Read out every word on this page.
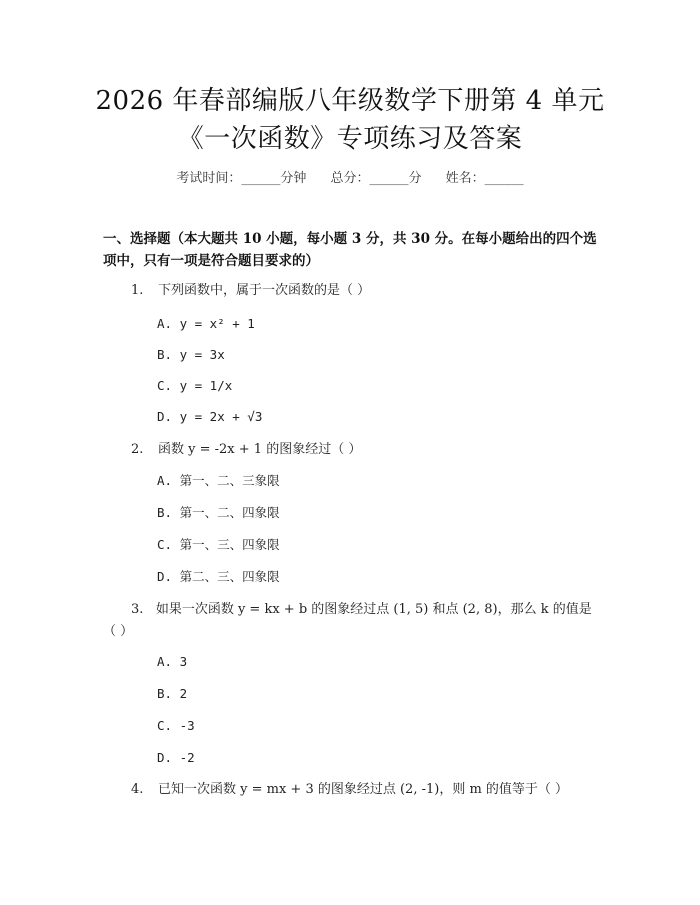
2026 年春部编版八年级数学下册第 4 单元
《一次函数》专项练习及答案
考试时间：______分钟 总分：______分 姓名：______
一、选择题（本大题共 10 小题，每小题 3 分，共 30 分。在每小题给出的四个选项中，只有一项是符合题目要求的）
1. 下列函数中，属于一次函数的是（ ）
A. y = x² + 1
B. y = 3x
C. y = 1/x
D. y = 2x + √3
2. 函数 y = -2x + 1 的图象经过（ ）
A. 第一、二、三象限
B. 第一、二、四象限
C. 第一、三、四象限
D. 第二、三、四象限
3. 如果一次函数 y = kx + b 的图象经过点 (1, 5) 和点 (2, 8)，那么 k 的值是（ ）
A. 3
B. 2
C. -3
D. -2
4. 已知一次函数 y = mx + 3 的图象经过点 (2, -1)，则 m 的值等于（ ）
